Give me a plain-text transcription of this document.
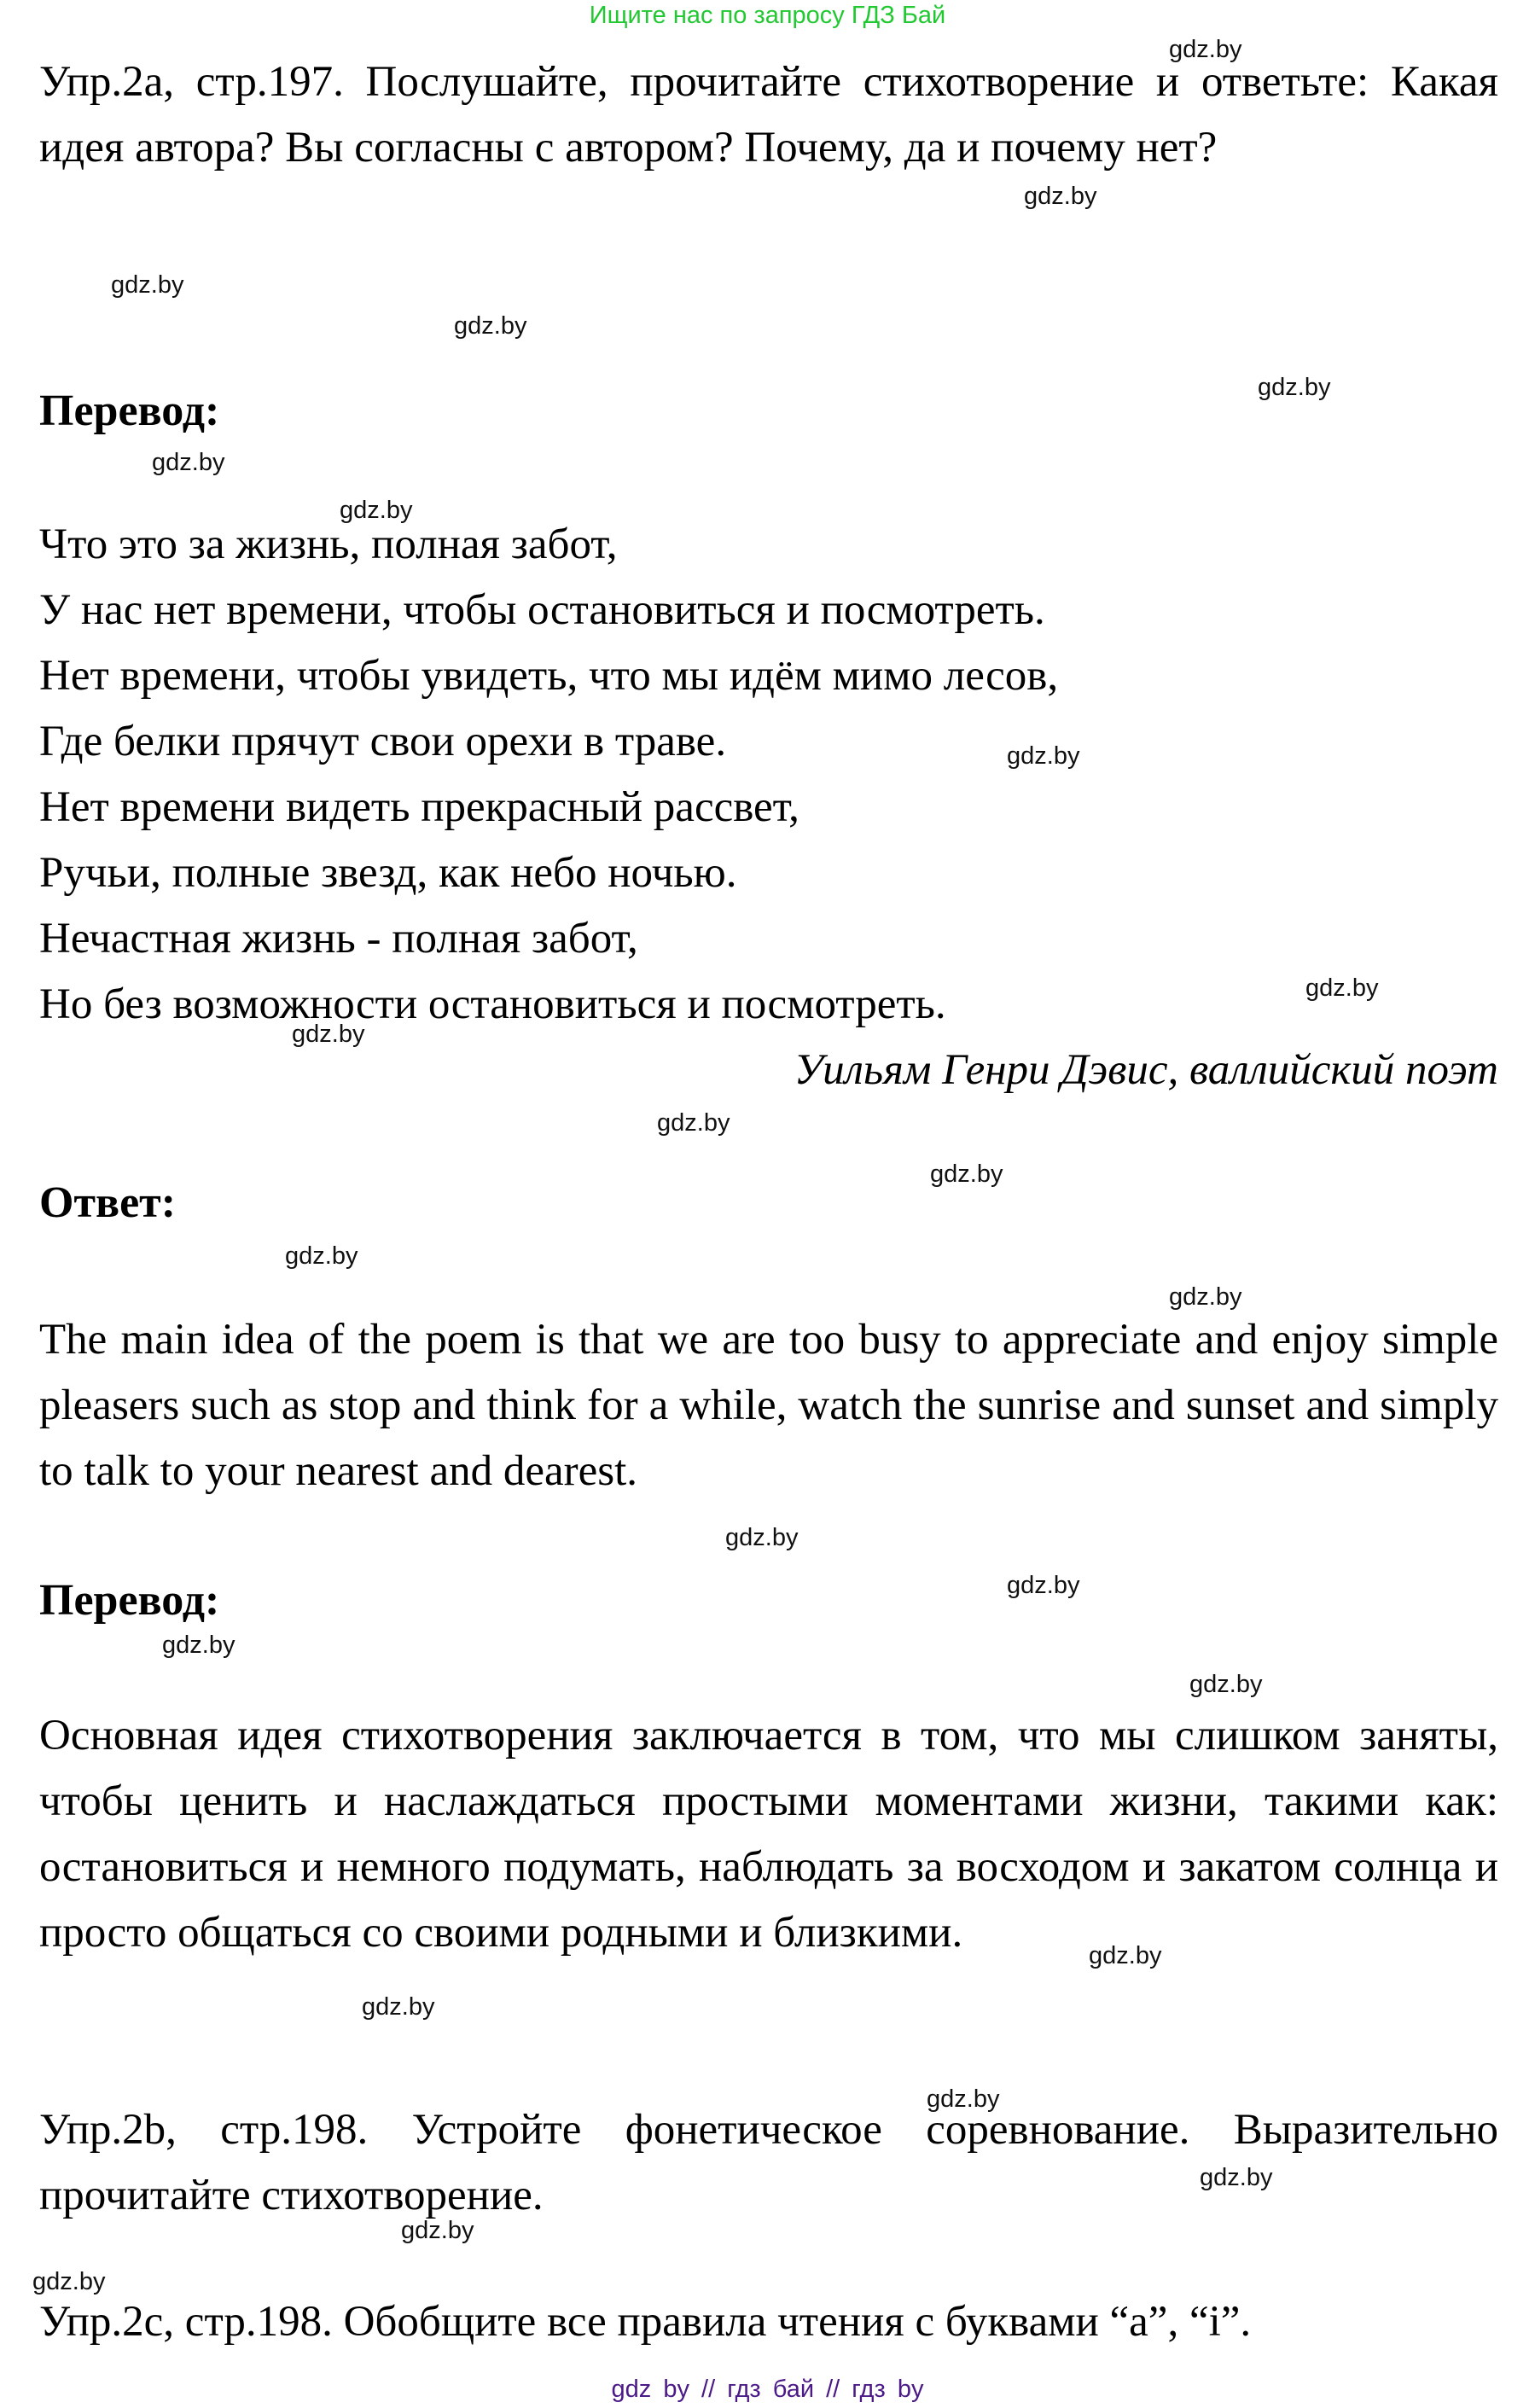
Ищите нас по запросу ГДЗ Бай

Упр.2a, стр.197. Послушайте, прочитайте стихотворение и ответьте: Какая идея автора? Вы согласны с автором? Почему, да и почему нет?

Перевод:
Что это за жизнь, полная забот,
У нас нет времени, чтобы остановиться и посмотреть.
Нет времени, чтобы увидеть, что мы идём мимо лесов,
Где белки прячут свои орехи в траве.
Нет времени видеть прекрасный рассвет,
Ручьи, полные звезд, как небо ночью.
Нечастная жизнь - полная забот,
Но без возможности остановиться и посмотреть.
Уильям Генри Дэвис, валлийский поэт
Ответ:

The main idea of the poem is that we are too busy to appreciate and enjoy simple pleasers such as stop and think for a while, watch the sunrise and sunset and simply to talk to your nearest and dearest.

Перевод:

Основная идея стихотворения заключается в том, что мы слишком заняты, чтобы ценить и наслаждаться простыми моментами жизни, такими как: остановиться и немного подумать, наблюдать за восходом и закатом солнца и просто общаться со своими родными и близкими.

Упр.2b, стр.198. Устройте фонетическое соревнование. Выразительно прочитайте стихотворение.

Упр.2c, стр.198. Обобщите все правила чтения с буквами “a”, “i”.

gdz.by
gdz.by
gdz.by
gdz.by
gdz.by
gdz.by
gdz.by
gdz.by
gdz.by
gdz.by
gdz.by
gdz.by
gdz.by
gdz.by
gdz.by
gdz.by
gdz.by
gdz.by
gdz.by
gdz.by
gdz.by
gdz.by
gdz.by
gdz.by
gdz by // гдз бай // гдз by
